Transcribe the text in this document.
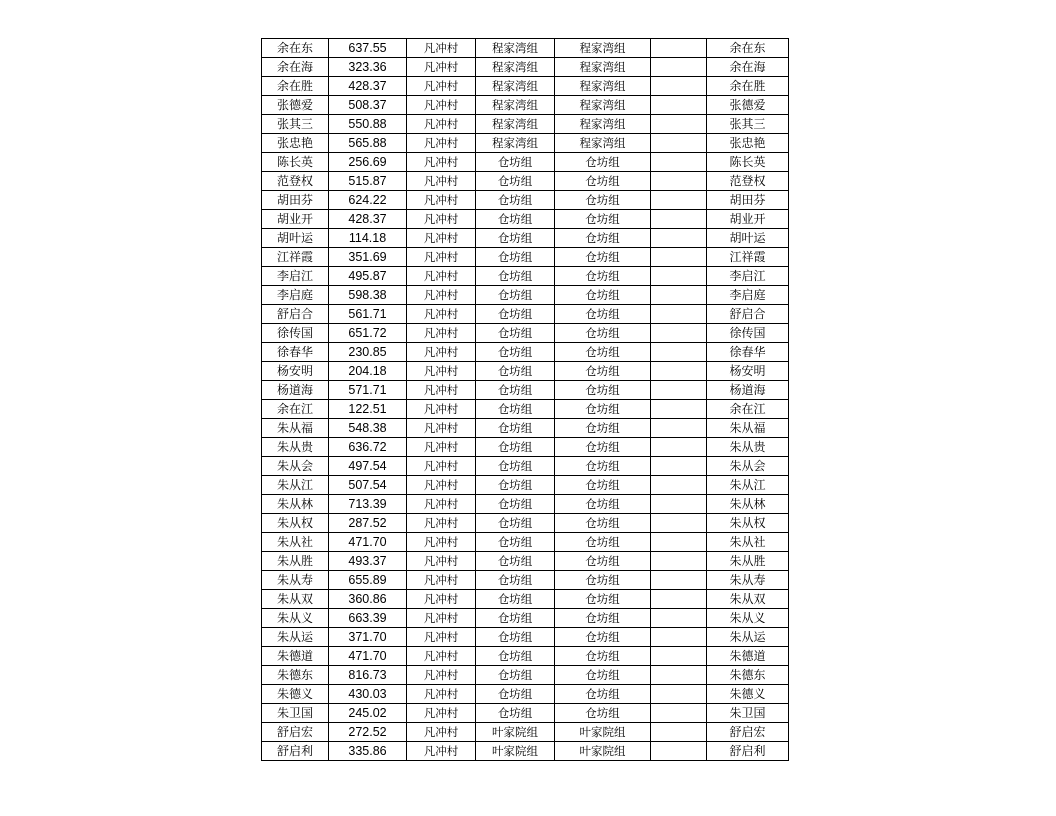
余在东	637.55	凡冲村	程家湾组	程家湾组		余在东
余在海	323.36	凡冲村	程家湾组	程家湾组		余在海
余在胜	428.37	凡冲村	程家湾组	程家湾组		余在胜
张德爱	508.37	凡冲村	程家湾组	程家湾组		张德爱
张其三	550.88	凡冲村	程家湾组	程家湾组		张其三
张忠艳	565.88	凡冲村	程家湾组	程家湾组		张忠艳
陈长英	256.69	凡冲村	仓坊组	仓坊组		陈长英
范登权	515.87	凡冲村	仓坊组	仓坊组		范登权
胡田芬	624.22	凡冲村	仓坊组	仓坊组		胡田芬
胡业开	428.37	凡冲村	仓坊组	仓坊组		胡业开
胡叶运	114.18	凡冲村	仓坊组	仓坊组		胡叶运
江祥霞	351.69	凡冲村	仓坊组	仓坊组		江祥霞
李启江	495.87	凡冲村	仓坊组	仓坊组		李启江
李启庭	598.38	凡冲村	仓坊组	仓坊组		李启庭
舒启合	561.71	凡冲村	仓坊组	仓坊组		舒启合
徐传国	651.72	凡冲村	仓坊组	仓坊组		徐传国
徐春华	230.85	凡冲村	仓坊组	仓坊组		徐春华
杨安明	204.18	凡冲村	仓坊组	仓坊组		杨安明
杨道海	571.71	凡冲村	仓坊组	仓坊组		杨道海
余在江	122.51	凡冲村	仓坊组	仓坊组		余在江
朱从福	548.38	凡冲村	仓坊组	仓坊组		朱从福
朱从贵	636.72	凡冲村	仓坊组	仓坊组		朱从贵
朱从会	497.54	凡冲村	仓坊组	仓坊组		朱从会
朱从江	507.54	凡冲村	仓坊组	仓坊组		朱从江
朱从林	713.39	凡冲村	仓坊组	仓坊组		朱从林
朱从权	287.52	凡冲村	仓坊组	仓坊组		朱从权
朱从社	471.70	凡冲村	仓坊组	仓坊组		朱从社
朱从胜	493.37	凡冲村	仓坊组	仓坊组		朱从胜
朱从寿	655.89	凡冲村	仓坊组	仓坊组		朱从寿
朱从双	360.86	凡冲村	仓坊组	仓坊组		朱从双
朱从义	663.39	凡冲村	仓坊组	仓坊组		朱从义
朱从运	371.70	凡冲村	仓坊组	仓坊组		朱从运
朱德道	471.70	凡冲村	仓坊组	仓坊组		朱德道
朱德东	816.73	凡冲村	仓坊组	仓坊组		朱德东
朱德义	430.03	凡冲村	仓坊组	仓坊组		朱德义
朱卫国	245.02	凡冲村	仓坊组	仓坊组		朱卫国
舒启宏	272.52	凡冲村	叶家院组	叶家院组		舒启宏
舒启利	335.86	凡冲村	叶家院组	叶家院组		舒启利
